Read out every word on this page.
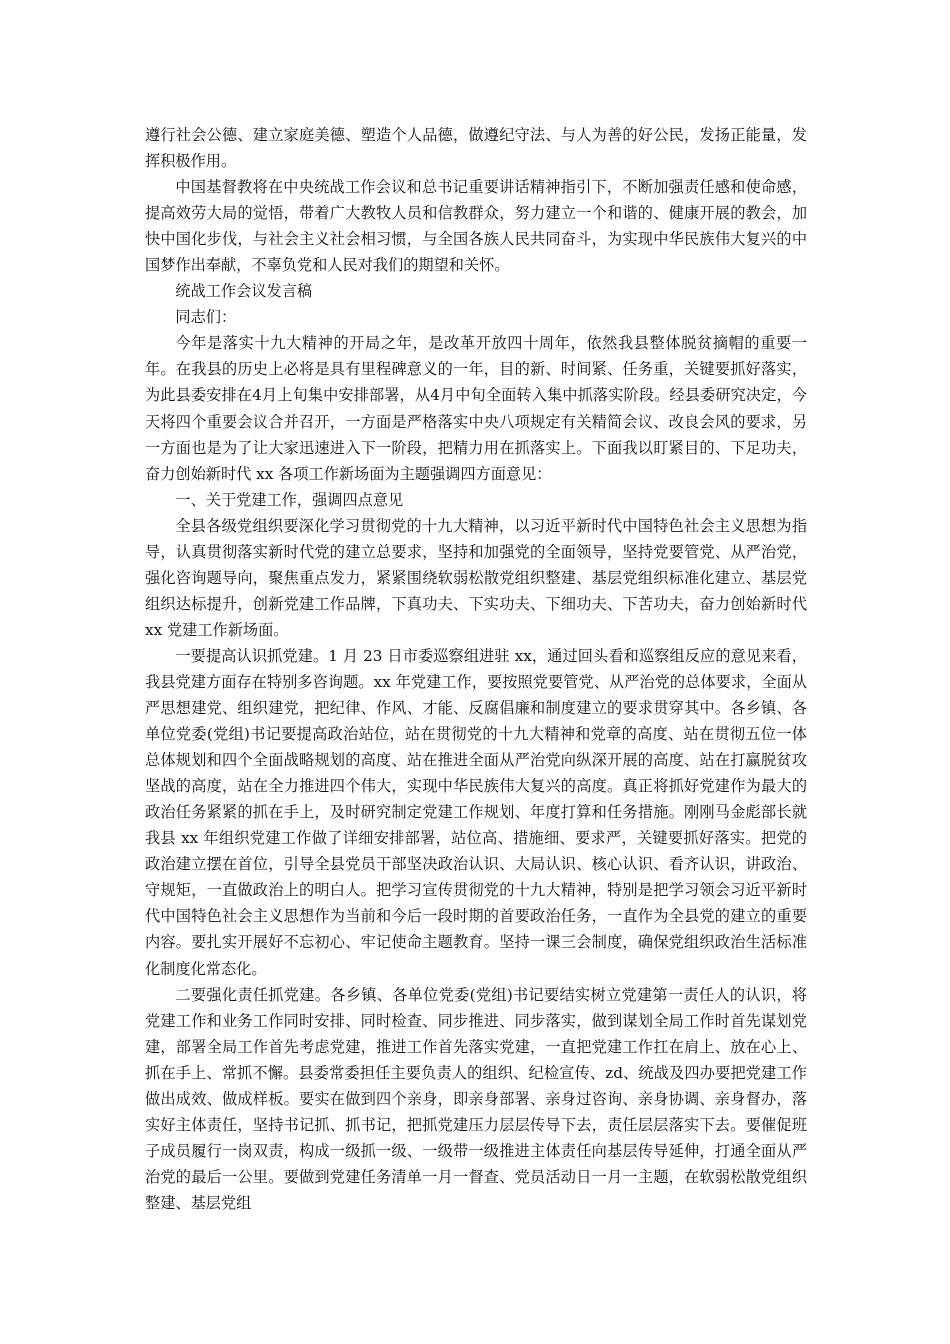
遵行社会公德、建立家庭美德、塑造个人品德，做遵纪守法、与人为善的好公民，发扬正能量，发挥积极作用。

中国基督教将在中央统战工作会议和总书记重要讲话精神指引下，不断加强责任感和使命感，提高效劳大局的觉悟，带着广大教牧人员和信教群众，努力建立一个和谐的、健康开展的教会，加快中国化步伐，与社会主义社会相习惯，与全国各族人民共同奋斗，为实现中华民族伟大复兴的中国梦作出奉献，不辜负党和人民对我们的期望和关怀。

统战工作会议发言稿

同志们：

今年是落实十九大精神的开局之年，是改革开放四十周年，依然我县整体脱贫摘帽的重要一年。在我县的历史上必将是具有里程碑意义的一年，目的新、时间紧、任务重，关键要抓好落实，为此县委安排在4月上旬集中安排部署，从4月中旬全面转入集中抓落实阶段。经县委研究决定，今天将四个重要会议合并召开，一方面是严格落实中央八项规定有关精简会议、改良会风的要求，另一方面也是为了让大家迅速进入下一阶段，把精力用在抓落实上。下面我以盯紧目的、下足功夫，奋力创始新时代 xx 各项工作新场面为主题强调四方面意见：

一、关于党建工作，强调四点意见

全县各级党组织要深化学习贯彻党的十九大精神，以习近平新时代中国特色社会主义思想为指导，认真贯彻落实新时代党的建立总要求，坚持和加强党的全面领导，坚持党要管党、从严治党，强化咨询题导向，聚焦重点发力，紧紧围绕软弱松散党组织整建、基层党组织标准化建立、基层党组织达标提升，创新党建工作品牌，下真功夫、下实功夫、下细功夫、下苦功夫，奋力创始新时代 xx 党建工作新场面。

一要提高认识抓党建。1 月 23 日市委巡察组进驻 xx，通过回头看和巡察组反应的意见来看，我县党建方面存在特别多咨询题。xx 年党建工作，要按照党要管党、从严治党的总体要求，全面从严思想建党、组织建党，把纪律、作风、才能、反腐倡廉和制度建立的要求贯穿其中。各乡镇、各单位党委(党组)书记要提高政治站位，站在贯彻党的十九大精神和党章的高度、站在贯彻五位一体总体规划和四个全面战略规划的高度、站在推进全面从严治党向纵深开展的高度、站在打赢脱贫攻坚战的高度，站在全力推进四个伟大，实现中华民族伟大复兴的高度。真正将抓好党建作为最大的政治任务紧紧的抓在手上，及时研究制定党建工作规划、年度打算和任务措施。刚刚马金彪部长就我县 xx 年组织党建工作做了详细安排部署，站位高、措施细、要求严，关键要抓好落实。把党的政治建立摆在首位，引导全县党员干部坚决政治认识、大局认识、核心认识、看齐认识，讲政治、守规矩，一直做政治上的明白人。把学习宣传贯彻党的十九大精神，特别是把学习领会习近平新时代中国特色社会主义思想作为当前和今后一段时期的首要政治任务，一直作为全县党的建立的重要内容。要扎实开展好不忘初心、牢记使命主题教育。坚持一课三会制度，确保党组织政治生活标准化制度化常态化。

二要强化责任抓党建。各乡镇、各单位党委(党组)书记要结实树立党建第一责任人的认识，将党建工作和业务工作同时安排、同时检查、同步推进、同步落实，做到谋划全局工作时首先谋划党建，部署全局工作首先考虑党建，推进工作首先落实党建，一直把党建工作扛在肩上、放在心上、抓在手上、常抓不懈。县委常委担任主要负责人的组织、纪检宣传、zd、统战及四办要把党建工作做出成效、做成样板。要实在做到四个亲身，即亲身部署、亲身过咨询、亲身协调、亲身督办，落实好主体责任，坚持书记抓、抓书记，把抓党建压力层层传导下去，责任层层落实下去。要催促班子成员履行一岗双责，构成一级抓一级、一级带一级推进主体责任向基层传导延伸，打通全面从严治党的最后一公里。要做到党建任务清单一月一督查、党员活动日一月一主题，在软弱松散党组织整建、基层党组
